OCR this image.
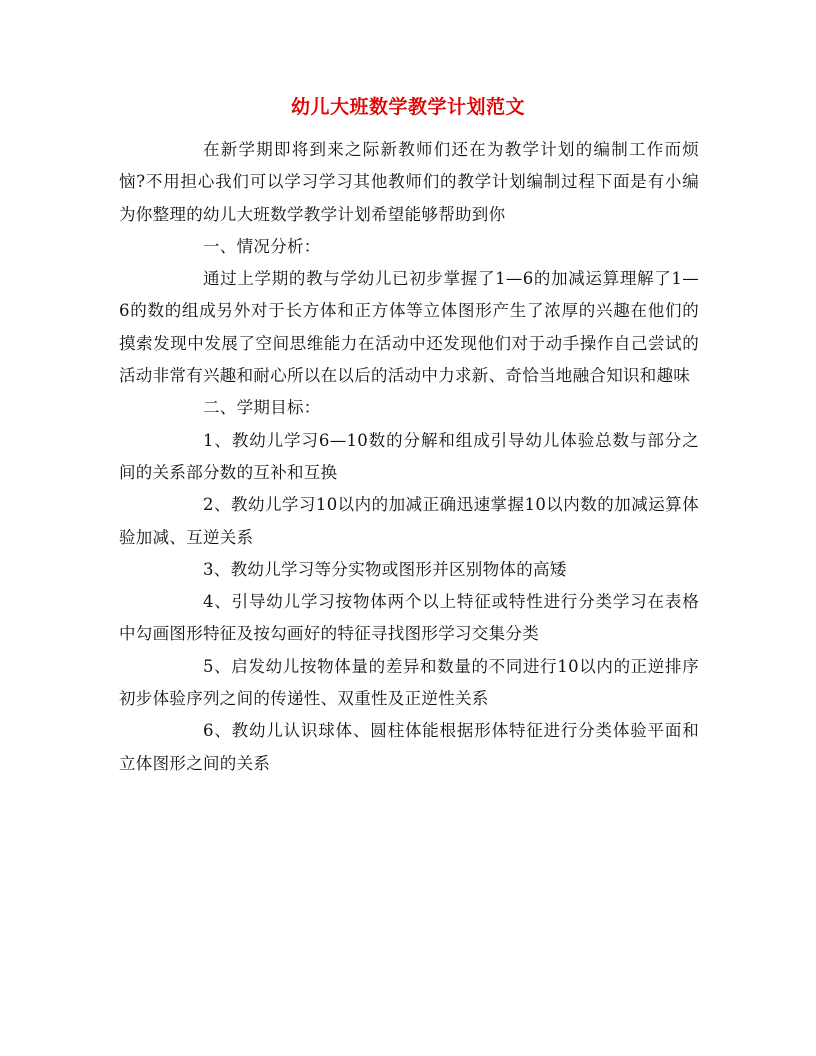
幼儿大班数学教学计划范文

在新学期即将到来之际新教师们还在为教学计划的编制工作而烦恼?不用担心我们可以学习学习其他教师们的教学计划编制过程下面是有小编为你整理的幼儿大班数学教学计划希望能够帮助到你

一、情况分析：

通过上学期的教与学幼儿已初步掌握了1—6的加减运算理解了1—6的数的组成另外对于长方体和正方体等立体图形产生了浓厚的兴趣在他们的摸索发现中发展了空间思维能力在活动中还发现他们对于动手操作自己尝试的活动非常有兴趣和耐心所以在以后的活动中力求新、奇恰当地融合知识和趣味

二、学期目标：

1、教幼儿学习6—10数的分解和组成引导幼儿体验总数与部分之间的关系部分数的互补和互换

2、教幼儿学习10以内的加减正确迅速掌握10以内数的加减运算体验加减、互逆关系

3、教幼儿学习等分实物或图形并区别物体的高矮

4、引导幼儿学习按物体两个以上特征或特性进行分类学习在表格中勾画图形特征及按勾画好的特征寻找图形学习交集分类

5、启发幼儿按物体量的差异和数量的不同进行10以内的正逆排序初步体验序列之间的传递性、双重性及正逆性关系

6、教幼儿认识球体、圆柱体能根据形体特征进行分类体验平面和立体图形之间的关系
